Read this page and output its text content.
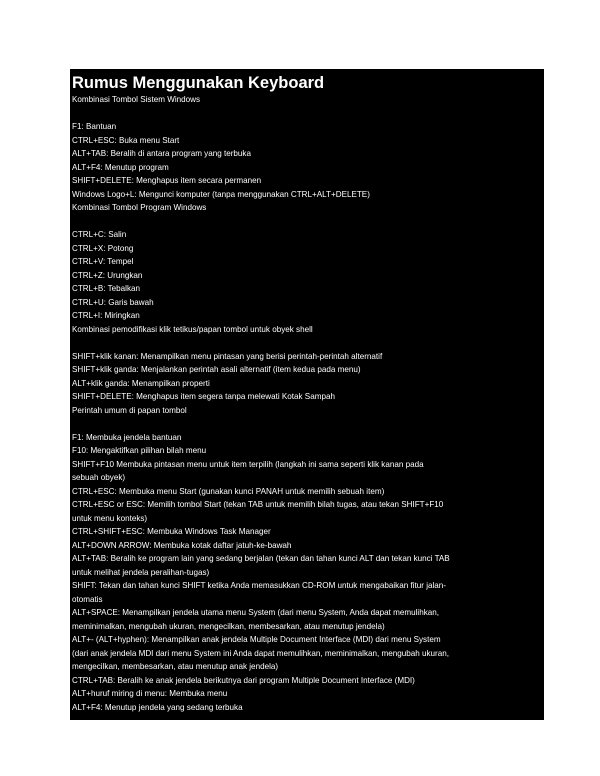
Rumus Menggunakan Keyboard
Kombinasi Tombol Sistem Windows
F1: Bantuan
CTRL+ESC: Buka menu Start
ALT+TAB: Beralih di antara program yang terbuka
ALT+F4: Menutup program
SHIFT+DELETE: Menghapus item secara permanen
Windows Logo+L: Mengunci komputer (tanpa menggunakan CTRL+ALT+DELETE)
Kombinasi Tombol Program Windows
CTRL+C: Salin
CTRL+X: Potong
CTRL+V: Tempel
CTRL+Z: Urungkan
CTRL+B: Tebalkan
CTRL+U: Garis bawah
CTRL+I: Miringkan
Kombinasi pemodifikasi klik tetikus/papan tombol untuk obyek shell
SHIFT+klik kanan: Menampilkan menu pintasan yang berisi perintah-perintah alternatif
SHIFT+klik ganda: Menjalankan perintah asali alternatif (item kedua pada menu)
ALT+klik ganda: Menampilkan properti
SHIFT+DELETE: Menghapus item segera tanpa melewati Kotak Sampah
Perintah umum di papan tombol
F1: Membuka jendela bantuan
F10: Mengaktifkan pilihan bilah menu
SHIFT+F10 Membuka pintasan menu untuk item terpilih (langkah ini sama seperti klik kanan pada
sebuah obyek)
CTRL+ESC: Membuka menu Start (gunakan kunci PANAH untuk memilih sebuah item)
CTRL+ESC or ESC: Memilih tombol Start (tekan TAB untuk memilih bilah tugas, atau tekan SHIFT+F10
untuk menu konteks)
CTRL+SHIFT+ESC: Membuka Windows Task Manager
ALT+DOWN ARROW: Membuka kotak daftar jatuh-ke-bawah
ALT+TAB: Beralih ke program lain yang sedang berjalan (tekan dan tahan kunci ALT dan tekan kunci TAB
untuk melihat jendela peralihan-tugas)
SHIFT: Tekan dan tahan kunci SHIFT ketika Anda memasukkan CD-ROM untuk mengabaikan fitur jalan-
otomatis
ALT+SPACE: Menampilkan jendela utama menu System (dari menu System, Anda dapat memulihkan,
meminimalkan, mengubah ukuran, mengecilkan, membesarkan, atau menutup jendela)
ALT+- (ALT+hyphen): Menampilkan anak jendela Multiple Document Interface (MDI) dari menu System
(dari anak jendela MDI dari menu System ini Anda dapat memulihkan, meminimalkan, mengubah ukuran,
mengecilkan, membesarkan, atau menutup anak jendela)
CTRL+TAB: Beralih ke anak jendela berikutnya dari program Multiple Document Interface (MDI)
ALT+huruf miring di menu: Membuka menu
ALT+F4: Menutup jendela yang sedang terbuka
